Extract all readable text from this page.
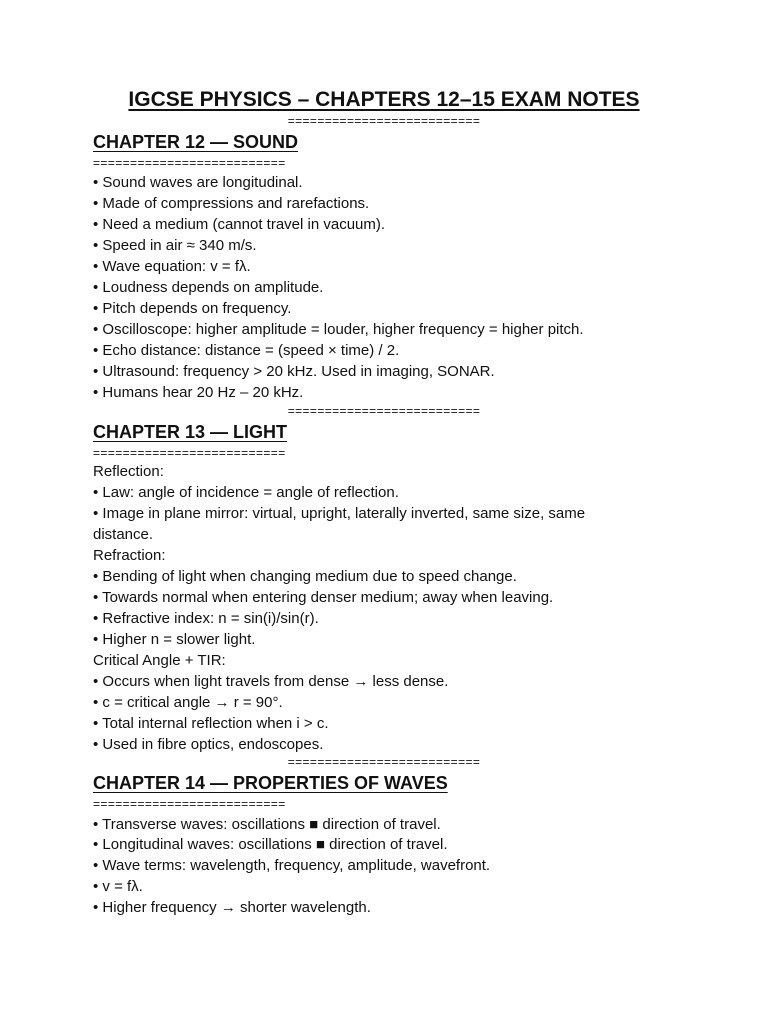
IGCSE PHYSICS – CHAPTERS 12–15 EXAM NOTES
==========================
CHAPTER 12 — SOUND
==========================
• Sound waves are longitudinal.
• Made of compressions and rarefactions.
• Need a medium (cannot travel in vacuum).
• Speed in air ≈ 340 m/s.
• Wave equation: v = fλ.
• Loudness depends on amplitude.
• Pitch depends on frequency.
• Oscilloscope: higher amplitude = louder, higher frequency = higher pitch.
• Echo distance: distance = (speed × time) / 2.
• Ultrasound: frequency > 20 kHz. Used in imaging, SONAR.
• Humans hear 20 Hz – 20 kHz.
==========================
CHAPTER 13 — LIGHT
==========================
Reflection:
• Law: angle of incidence = angle of reflection.
• Image in plane mirror: virtual, upright, laterally inverted, same size, same
distance.
Refraction:
• Bending of light when changing medium due to speed change.
• Towards normal when entering denser medium; away when leaving.
• Refractive index: n = sin(i)/sin(r).
• Higher n = slower light.
Critical Angle + TIR:
• Occurs when light travels from dense → less dense.
• c = critical angle → r = 90°.
• Total internal reflection when i > c.
• Used in fibre optics, endoscopes.
==========================
CHAPTER 14 — PROPERTIES OF WAVES
==========================
• Transverse waves: oscillations ■ direction of travel.
• Longitudinal waves: oscillations ■ direction of travel.
• Wave terms: wavelength, frequency, amplitude, wavefront.
• v = fλ.
• Higher frequency → shorter wavelength.
